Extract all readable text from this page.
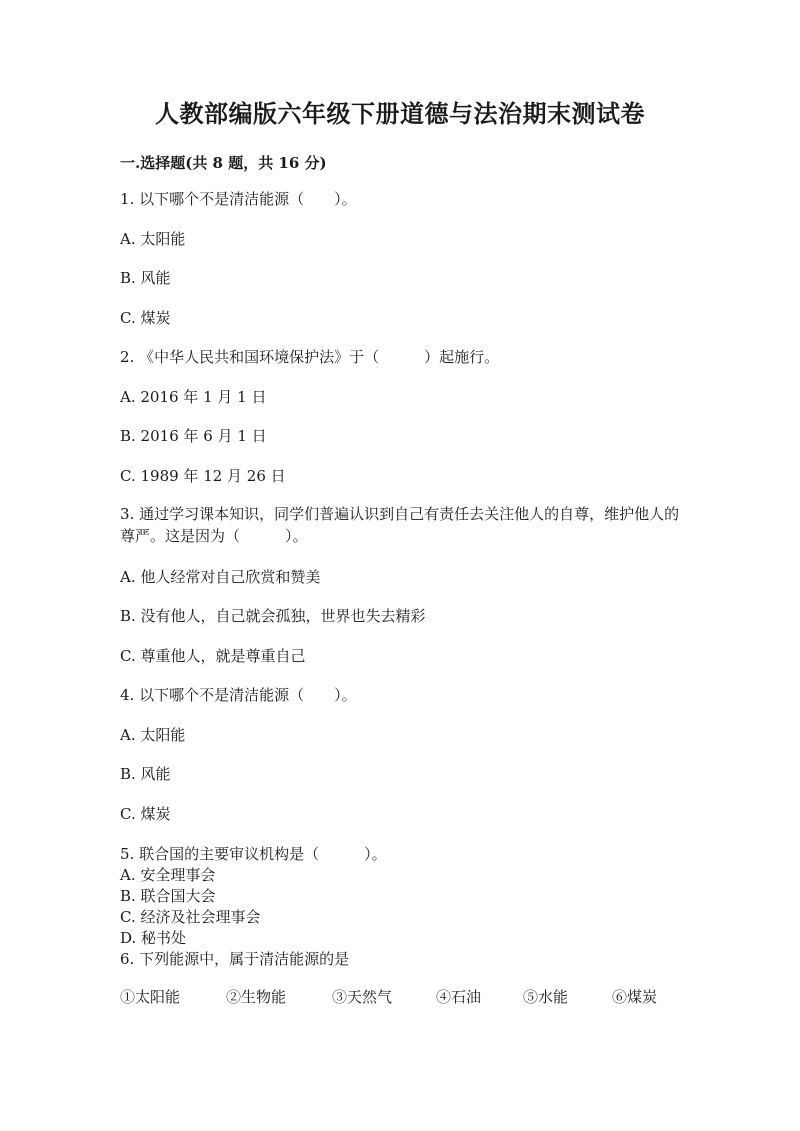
人教部编版六年级下册道德与法治期末测试卷
一.选择题(共 8 题，共 16 分)
1. 以下哪个不是清洁能源（　　）。
A. 太阳能
B. 风能
C. 煤炭
2. 《中华人民共和国环境保护法》于（　　　）起施行。
A. 2016 年 1 月 1 日
B. 2016 年 6 月 1 日
C. 1989 年 12 月 26 日
3. 通过学习课本知识，同学们普遍认识到自己有责任去关注他人的自尊，维护他人的尊严。这是因为（　　　）。
A. 他人经常对自己欣赏和赞美
B. 没有他人，自己就会孤独，世界也失去精彩
C. 尊重他人，就是尊重自己
4. 以下哪个不是清洁能源（　　）。
A. 太阳能
B. 风能
C. 煤炭
5. 联合国的主要审议机构是（　　　）。
A. 安全理事会
B. 联合国大会
C. 经济及社会理事会
D. 秘书处
6. 下列能源中，属于清洁能源的是
①太阳能	②生物能	③天然气	④石油	⑤水能	⑥煤炭
